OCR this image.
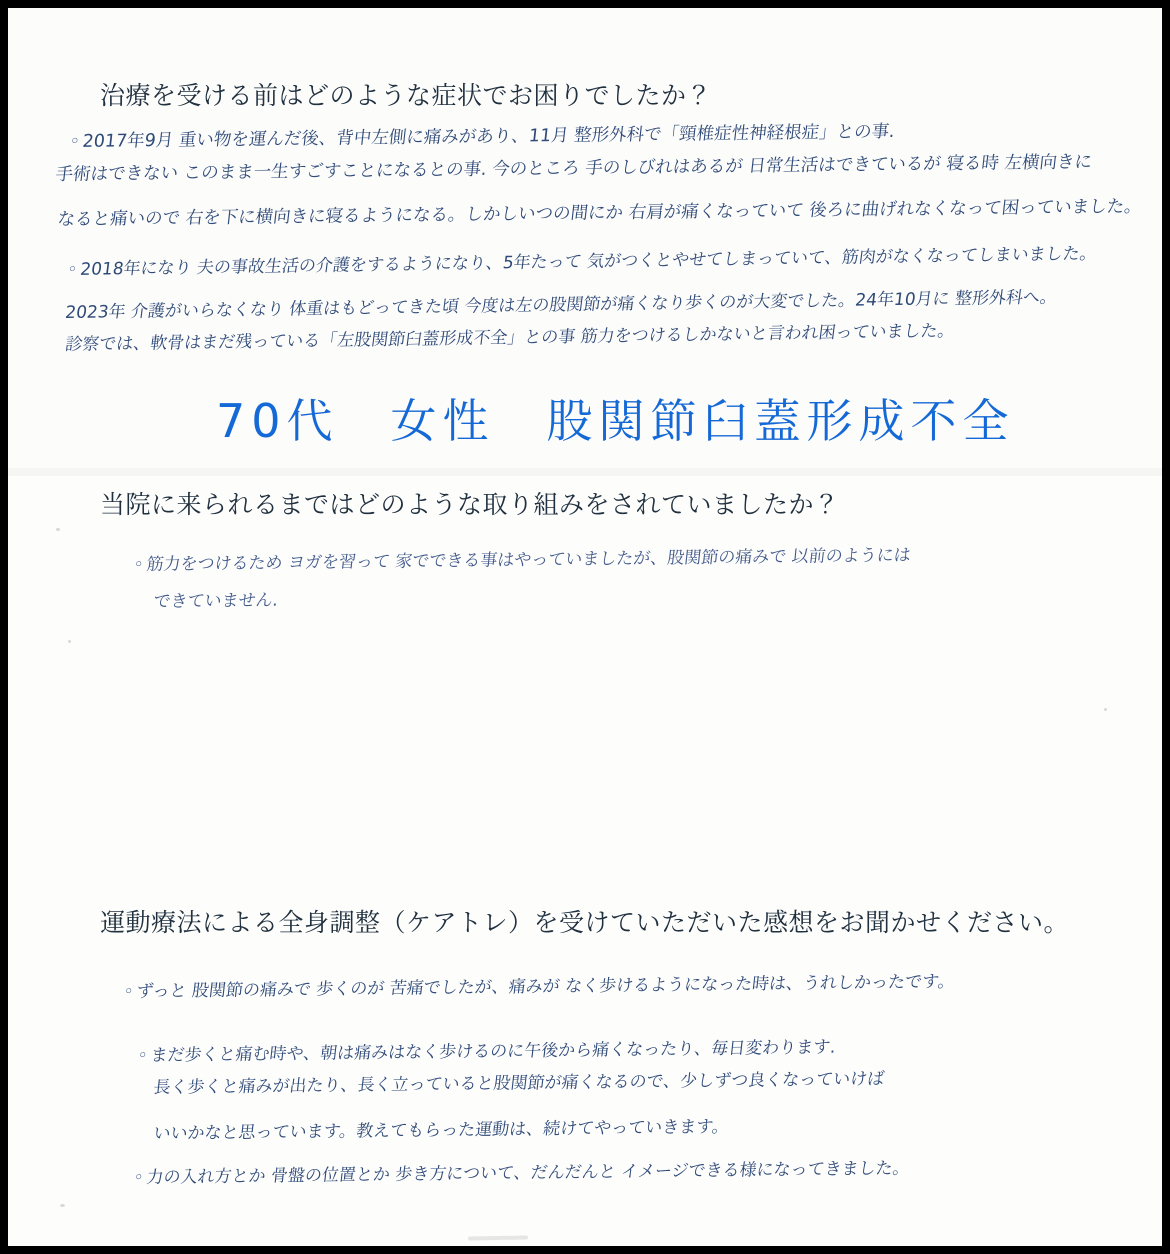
治療を受ける前はどのような症状でお困りでしたか？
◦2017年9月 重い物を運んだ後、背中左側に痛みがあり、11月 整形外科で「頸椎症性神経根症」との事.
手術はできない このまま一生すごすことになるとの事. 今のところ 手のしびれはあるが 日常生活はできているが 寝る時 左横向きに
なると痛いので 右を下に横向きに寝るようになる。しかしいつの間にか 右肩が痛くなっていて 後ろに曲げれなくなって困っていました。
◦2018年になり 夫の事故生活の介護をするようになり、5年たって 気がつくとやせてしまっていて、筋肉がなくなってしまいました。
2023年 介護がいらなくなり 体重はもどってきた頃 今度は左の股関節が痛くなり歩くのが大変でした。24年10月に 整形外科へ。
診察では、軟骨はまだ残っている「左股関節臼蓋形成不全」との事 筋力をつけるしかないと言われ困っていました。
70代　女性　股関節臼蓋形成不全
当院に来られるまではどのような取り組みをされていましたか？
◦筋力をつけるため ヨガを習って 家でできる事はやっていましたが、股関節の痛みで 以前のようには
できていません.
運動療法による全身調整（ケアトレ）を受けていただいた感想をお聞かせください。
◦ずっと 股関節の痛みで 歩くのが 苦痛でしたが、痛みが なく歩けるようになった時は、うれしかったです。
◦まだ歩くと痛む時や、朝は痛みはなく歩けるのに午後から痛くなったり、毎日変わります.
長く歩くと痛みが出たり、長く立っていると股関節が痛くなるので、少しずつ良くなっていけば
いいかなと思っています。教えてもらった運動は、続けてやっていきます。
◦力の入れ方とか 骨盤の位置とか 歩き方について、だんだんと イメージできる様になってきました。
